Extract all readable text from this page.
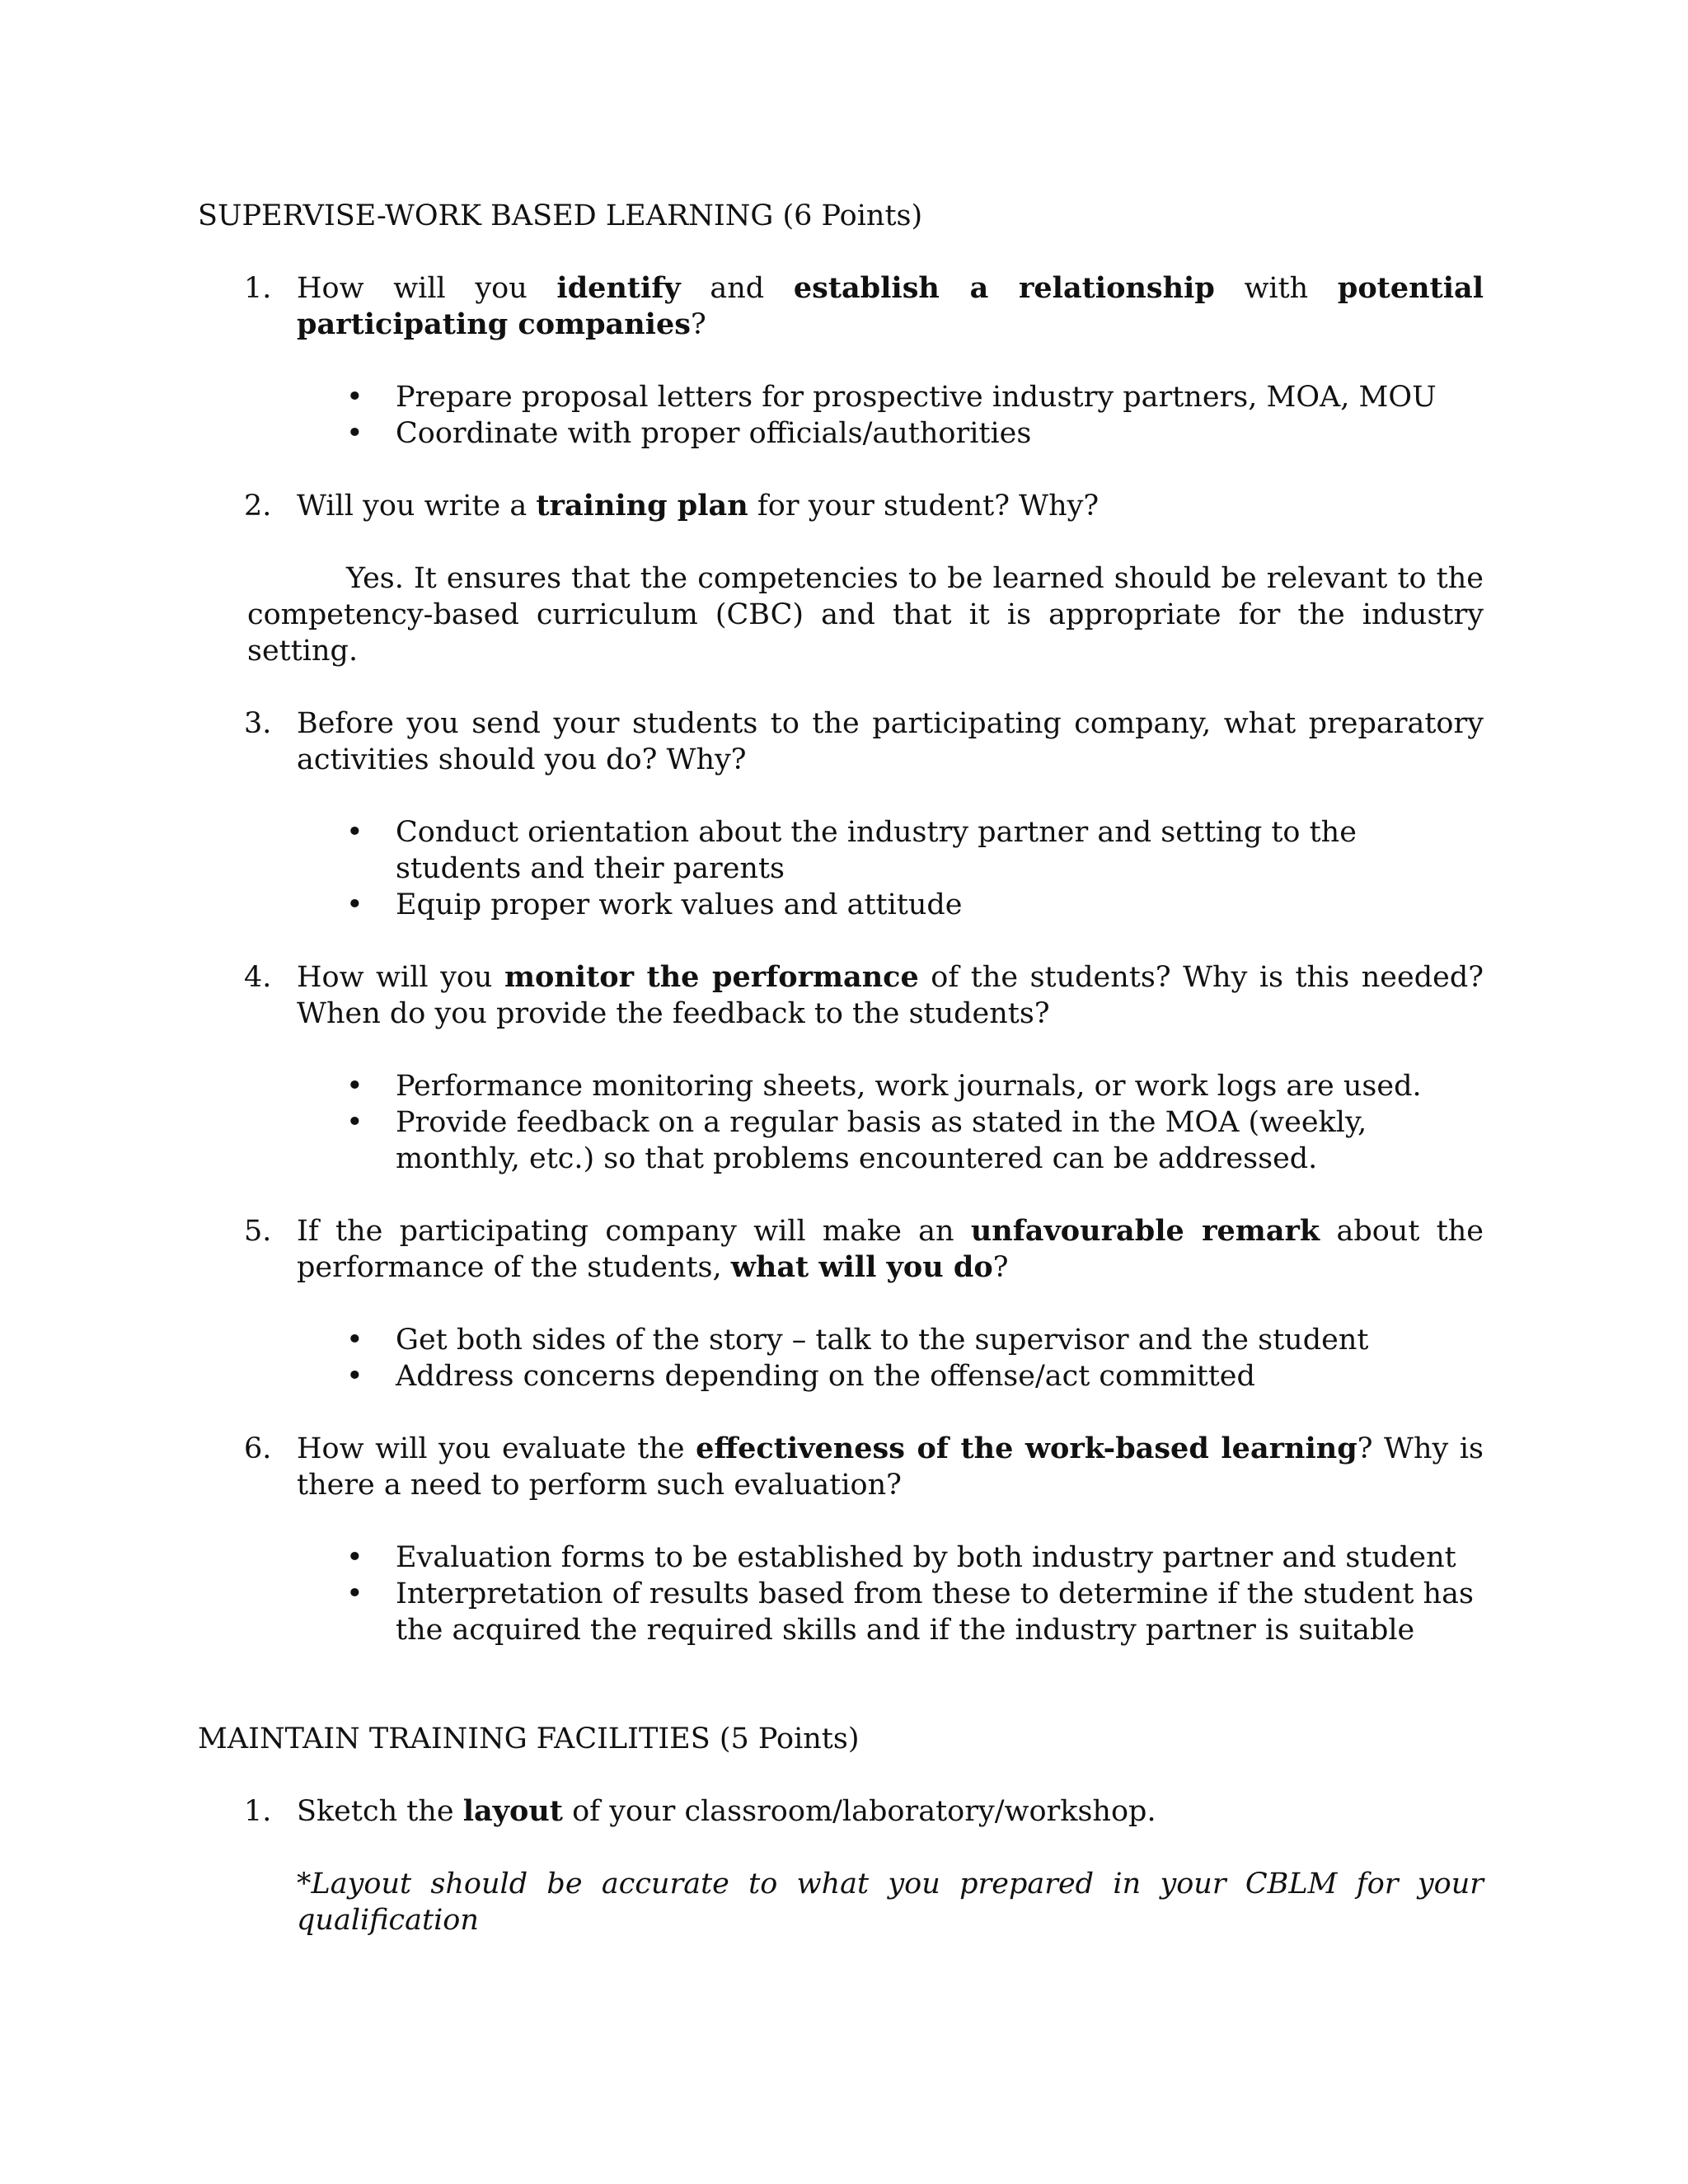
SUPERVISE-WORK BASED LEARNING (6 Points)
1. How will you identify and establish a relationship with potential participating companies?
•	Prepare proposal letters for prospective industry partners, MOA, MOU
•	Coordinate with proper officials/authorities
2. Will you write a training plan for your student? Why?

Yes. It ensures that the competencies to be learned should be relevant to the competency-based curriculum (CBC) and that it is appropriate for the industry setting.

3. Before you send your students to the participating company, what preparatory activities should you do? Why?
•	Conduct orientation about the industry partner and setting to the students and their parents
•	Equip proper work values and attitude
4. How will you monitor the performance of the students? Why is this needed? When do you provide the feedback to the students?
•	Performance monitoring sheets, work journals, or work logs are used.
•	Provide feedback on a regular basis as stated in the MOA (weekly, monthly, etc.) so that problems encountered can be addressed.
5. If the participating company will make an unfavourable remark about the performance of the students, what will you do?
•	Get both sides of the story – talk to the supervisor and the student
•	Address concerns depending on the offense/act committed
6. How will you evaluate the effectiveness of the work-based learning? Why is there a need to perform such evaluation?
•	Evaluation forms to be established by both industry partner and student
•	Interpretation of results based from these to determine if the student has the acquired the required skills and if the industry partner is suitable
MAINTAIN TRAINING FACILITIES (5 Points)
1. Sketch the layout of your classroom/laboratory/workshop.

*Layout should be accurate to what you prepared in your CBLM for your qualification
